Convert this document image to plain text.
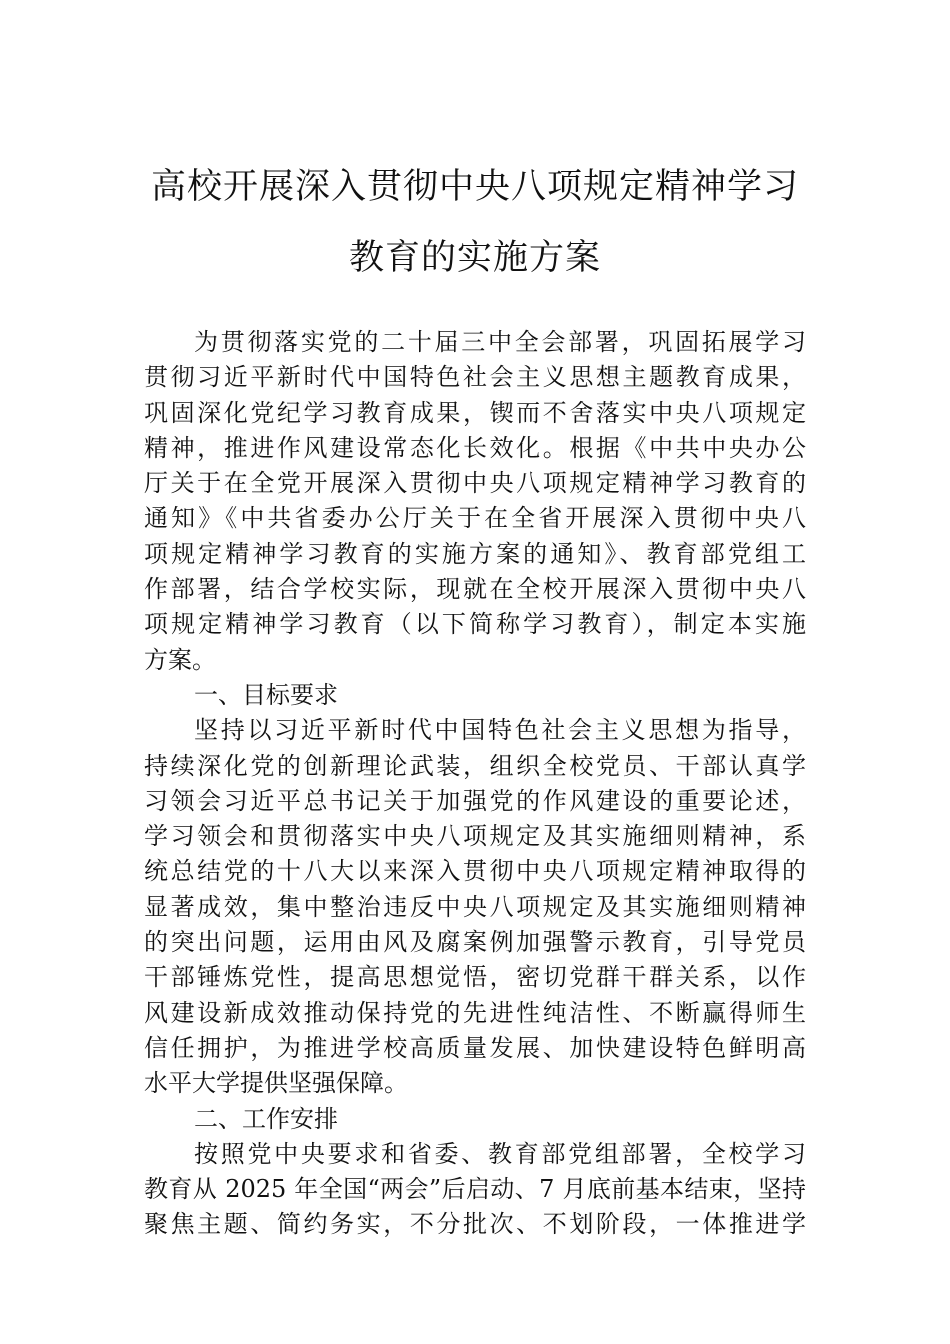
高校开展深入贯彻中央八项规定精神学习
教育的实施方案
为贯彻落实党的二十届三中全会部署，巩固拓展学习
贯彻习近平新时代中国特色社会主义思想主题教育成果，
巩固深化党纪学习教育成果，锲而不舍落实中央八项规定
精神，推进作风建设常态化长效化。根据《中共中央办公
厅关于在全党开展深入贯彻中央八项规定精神学习教育的
通知》《中共省委办公厅关于在全省开展深入贯彻中央八
项规定精神学习教育的实施方案的通知》、教育部党组工
作部署，结合学校实际，现就在全校开展深入贯彻中央八
项规定精神学习教育（以下简称学习教育），制定本实施
方案。
一、目标要求
坚持以习近平新时代中国特色社会主义思想为指导，
持续深化党的创新理论武装，组织全校党员、干部认真学
习领会习近平总书记关于加强党的作风建设的重要论述，
学习领会和贯彻落实中央八项规定及其实施细则精神，系
统总结党的十八大以来深入贯彻中央八项规定精神取得的
显著成效，集中整治违反中央八项规定及其实施细则精神
的突出问题，运用由风及腐案例加强警示教育，引导党员
干部锤炼党性，提高思想觉悟，密切党群干群关系，以作
风建设新成效推动保持党的先进性纯洁性、不断赢得师生
信任拥护，为推进学校高质量发展、加快建设特色鲜明高
水平大学提供坚强保障。
二、工作安排
按照党中央要求和省委、教育部党组部署，全校学习
教育从 2025 年全国“两会”后启动、7 月底前基本结束，坚持
聚焦主题、简约务实，不分批次、不划阶段，一体推进学
